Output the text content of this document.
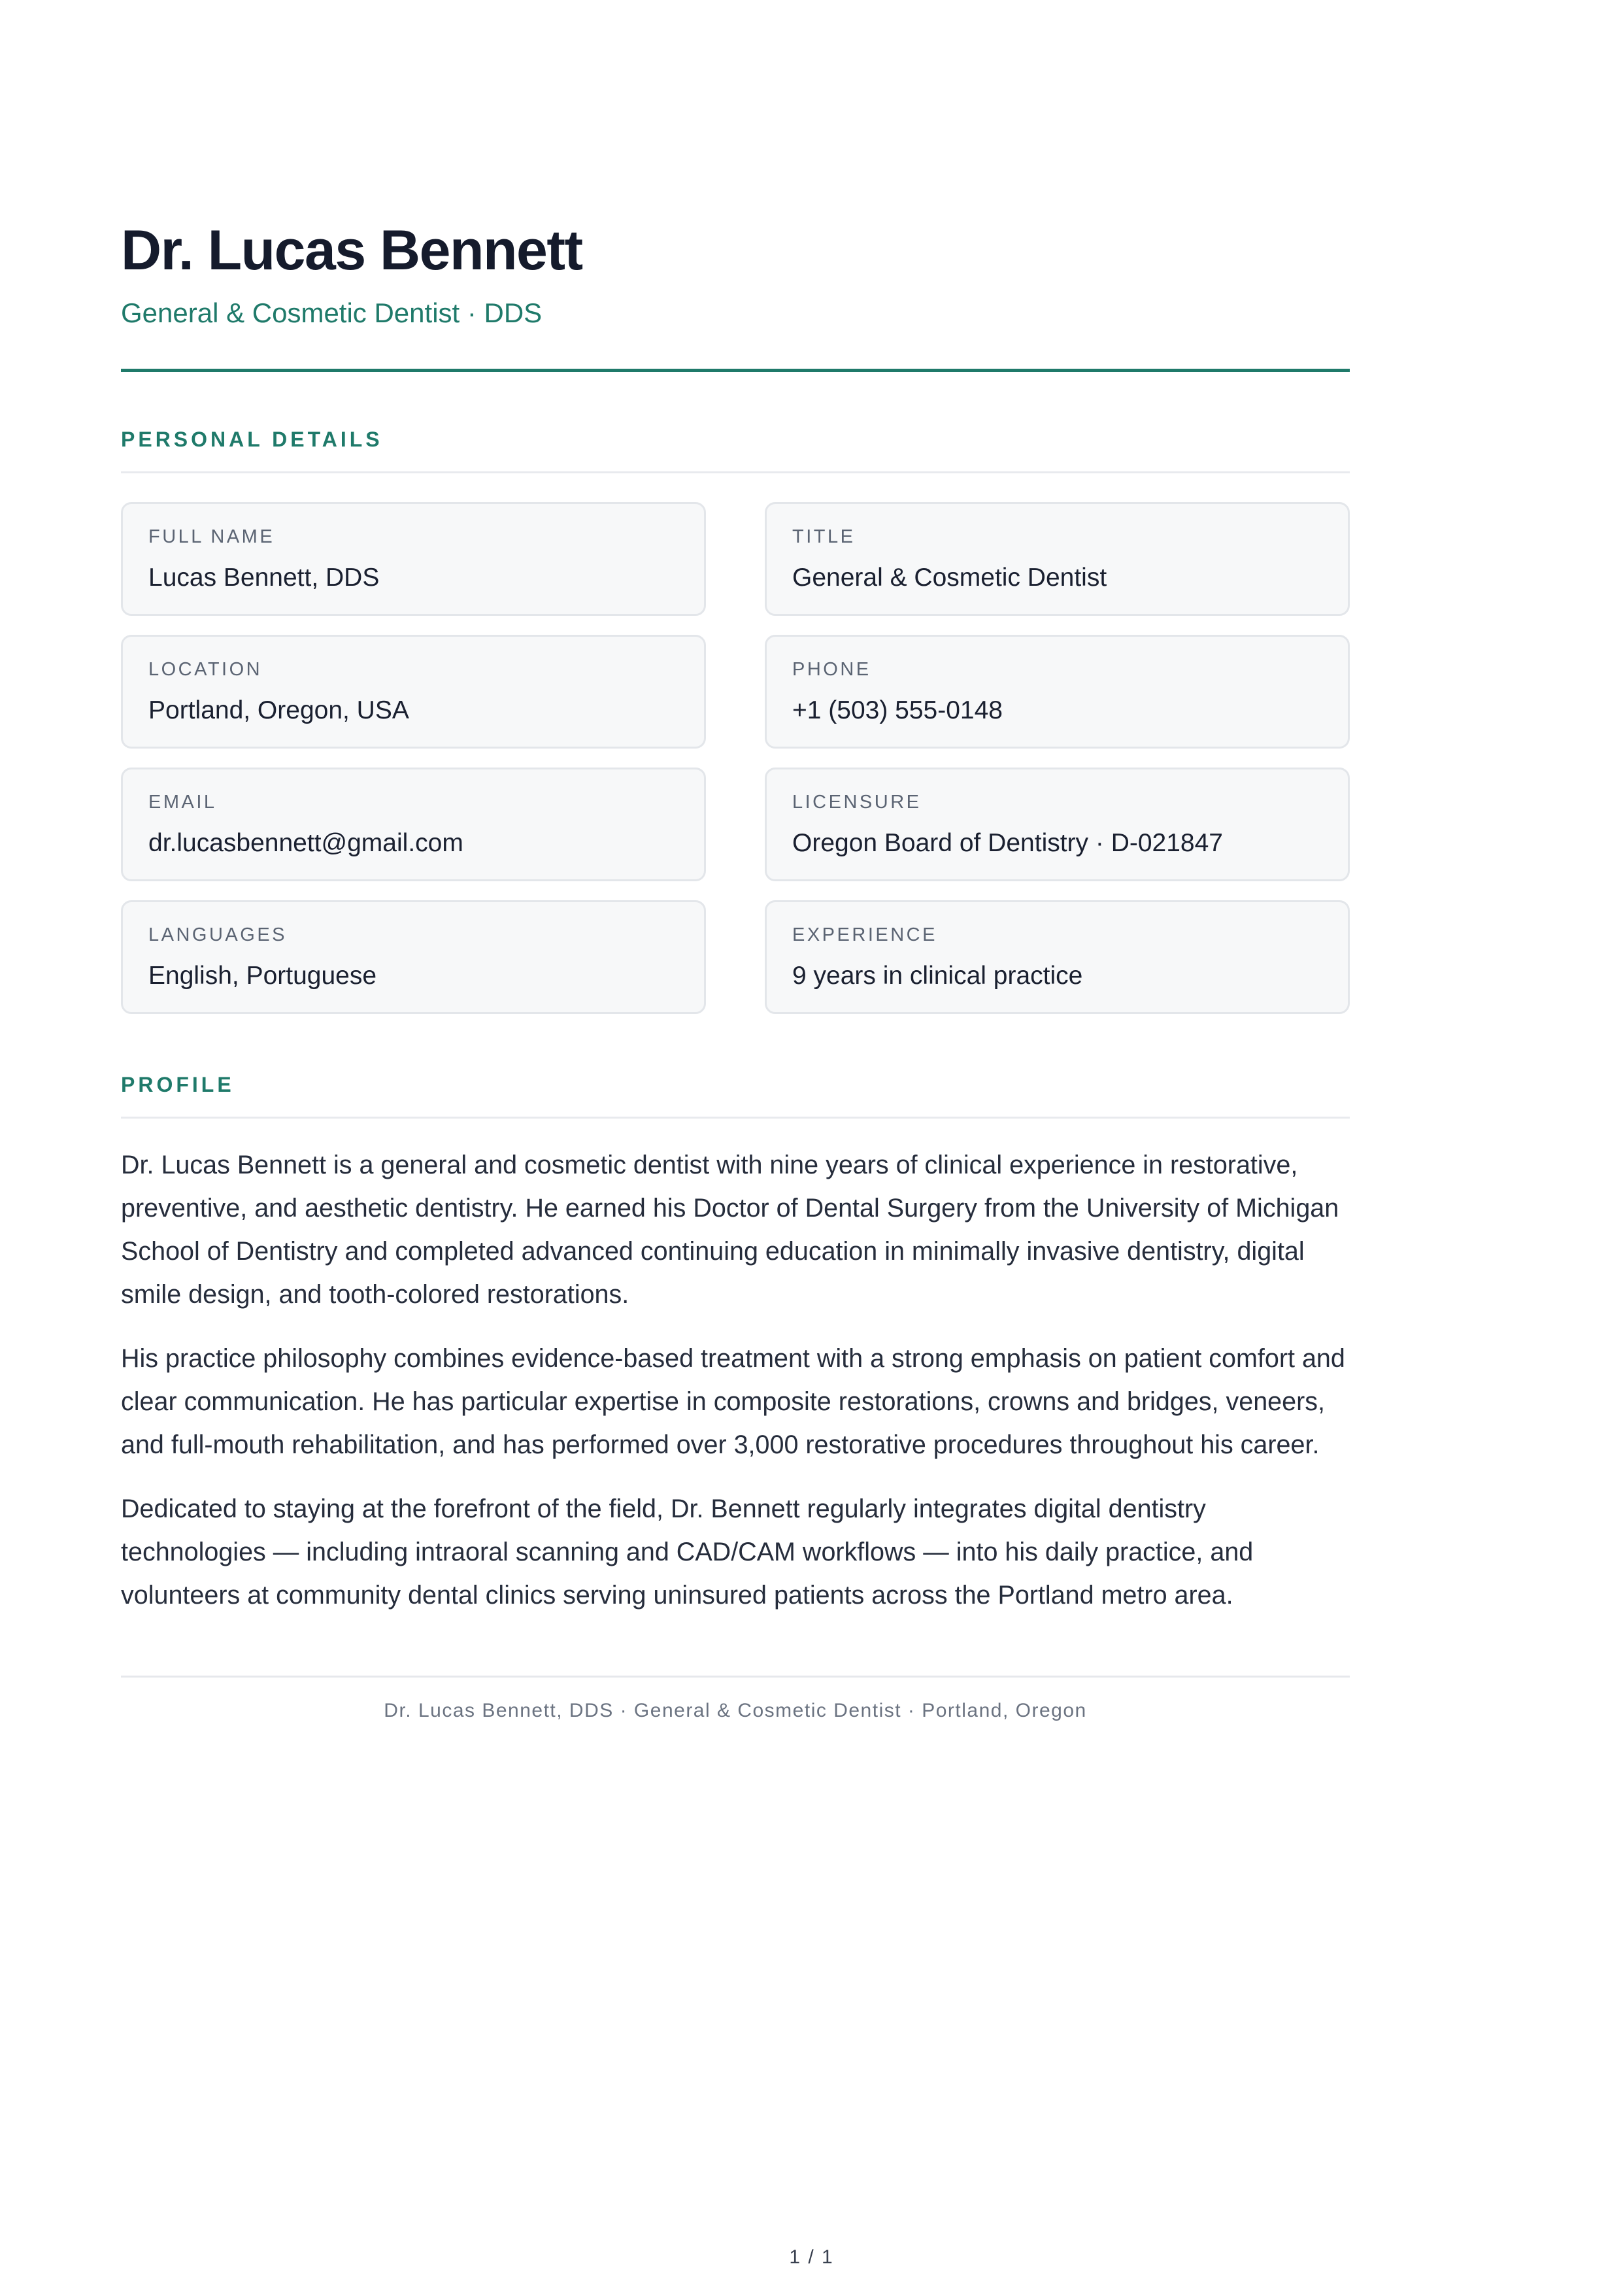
Dr. Lucas Bennett
General & Cosmetic Dentist · DDS
PERSONAL DETAILS
FULL NAME
Lucas Bennett, DDS
TITLE
General & Cosmetic Dentist
LOCATION
Portland, Oregon, USA
PHONE
+1 (503) 555-0148
EMAIL
dr.lucasbennett@gmail.com
LICENSURE
Oregon Board of Dentistry · D-021847
LANGUAGES
English, Portuguese
EXPERIENCE
9 years in clinical practice
PROFILE

Dr. Lucas Bennett is a general and cosmetic dentist with nine years of clinical experience in restorative, preventive, and aesthetic dentistry. He earned his Doctor of Dental Surgery from the University of Michigan School of Dentistry and completed advanced continuing education in minimally invasive dentistry, digital smile design, and tooth-colored restorations.

His practice philosophy combines evidence-based treatment with a strong emphasis on patient comfort and clear communication. He has particular expertise in composite restorations, crowns and bridges, veneers, and full-mouth rehabilitation, and has performed over 3,000 restorative procedures throughout his career.

Dedicated to staying at the forefront of the field, Dr. Bennett regularly integrates digital dentistry technologies — including intraoral scanning and CAD/CAM workflows — into his daily practice, and volunteers at community dental clinics serving uninsured patients across the Portland metro area.

Dr. Lucas Bennett, DDS · General & Cosmetic Dentist · Portland, Oregon
1 / 1
